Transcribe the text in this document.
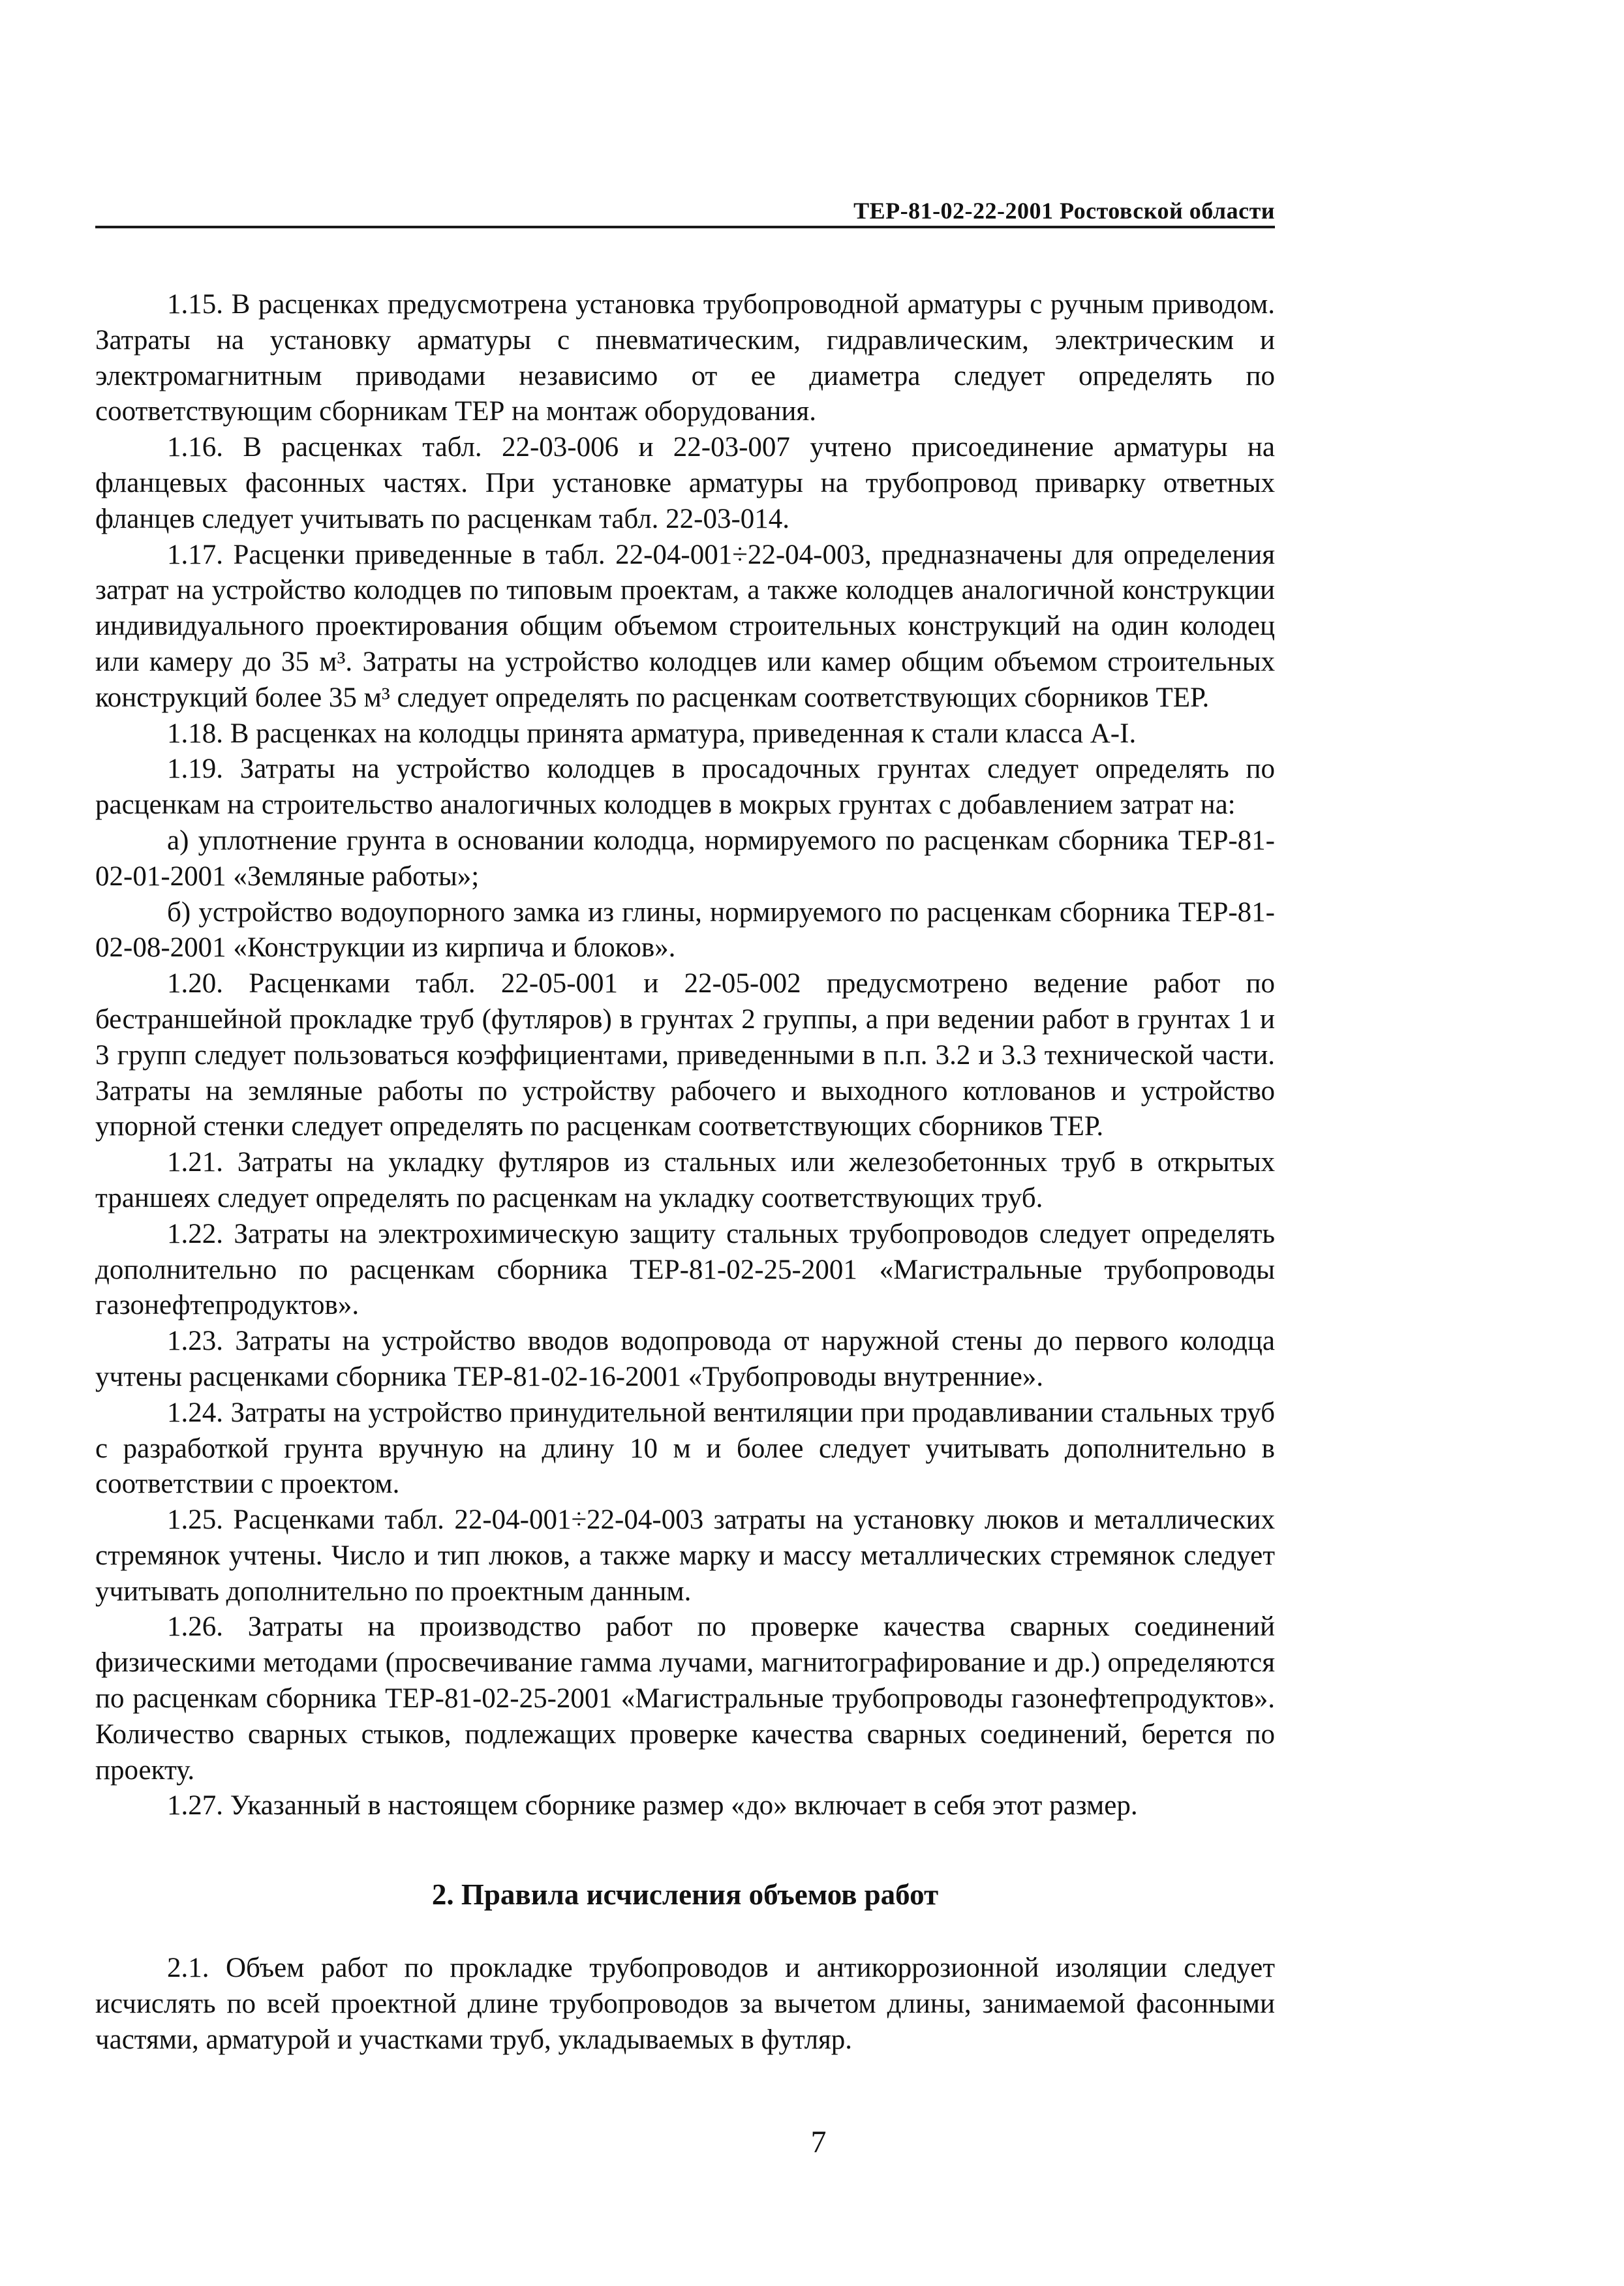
ТЕР-81-02-22-2001 Ростовской области

1.15. В расценках предусмотрена установка трубопроводной арматуры с ручным приводом. Затраты на установку арматуры с пневматическим, гидравлическим, электрическим и электромагнитным приводами независимо от ее диаметра следует определять по соответствующим сборникам ТЕР на монтаж оборудования.

1.16. В расценках табл. 22-03-006 и 22-03-007 учтено присоединение арматуры на фланцевых фасонных частях. При установке арматуры на трубопровод приварку ответных фланцев следует учитывать по расценкам табл. 22-03-014.

1.17. Расценки приведенные в табл. 22-04-001÷22-04-003, предназначены для определения затрат на устройство колодцев по типовым проектам, а также колодцев аналогичной конструкции индивидуального проектирования общим объемом строительных конструкций на один колодец или камеру до 35 м³. Затраты на устройство колодцев или камер общим объемом строительных конструкций более 35 м³ следует определять по расценкам соответствующих сборников ТЕР.

1.18. В расценках на колодцы принята арматура, приведенная к стали класса А-I.

1.19. Затраты на устройство колодцев в просадочных грунтах следует определять по расценкам на строительство аналогичных колодцев в мокрых грунтах с добавлением затрат на:

а) уплотнение грунта в основании колодца, нормируемого по расценкам сборника ТЕР-81-02-01-2001 «Земляные работы»;

б) устройство водоупорного замка из глины, нормируемого по расценкам сборника ТЕР-81-02-08-2001 «Конструкции из кирпича и блоков».

1.20. Расценками табл. 22-05-001 и 22-05-002 предусмотрено ведение работ по бестраншейной прокладке труб (футляров) в грунтах 2 группы, а при ведении работ в грунтах 1 и 3 групп следует пользоваться коэффициентами, приведенными в п.п. 3.2 и 3.3 технической части. Затраты на земляные работы по устройству рабочего и выходного котлованов и устройство упорной стенки следует определять по расценкам соответствующих сборников ТЕР.

1.21. Затраты на укладку футляров из стальных или железобетонных труб в открытых траншеях следует определять по расценкам на укладку соответствующих труб.

1.22. Затраты на электрохимическую защиту стальных трубопроводов следует определять дополнительно по расценкам сборника ТЕР-81-02-25-2001 «Магистральные трубопроводы газонефтепродуктов».

1.23. Затраты на устройство вводов водопровода от наружной стены до первого колодца учтены расценками сборника ТЕР-81-02-16-2001 «Трубопроводы внутренние».

1.24. Затраты на устройство принудительной вентиляции при продавливании стальных труб с разработкой грунта вручную на длину 10 м и более следует учитывать дополнительно в соответствии с проектом.

1.25. Расценками табл. 22-04-001÷22-04-003 затраты на установку люков и металлических стремянок учтены. Число и тип люков, а также марку и массу металлических стремянок следует учитывать дополнительно по проектным данным.

1.26. Затраты на производство работ по проверке качества сварных соединений физическими методами (просвечивание гамма лучами, магнитографирование и др.) определяются по расценкам сборника ТЕР-81-02-25-2001 «Магистральные трубопроводы газонефтепродуктов». Количество сварных стыков, подлежащих проверке качества сварных соединений, берется по проекту.

1.27. Указанный в настоящем сборнике размер «до» включает в себя этот размер.

2. Правила исчисления объемов работ

2.1. Объем работ по прокладке трубопроводов и антикоррозионной изоляции следует исчислять по всей проектной длине трубопроводов за вычетом длины, занимаемой фасонными частями, арматурой и участками труб, укладываемых в футляр.

7
